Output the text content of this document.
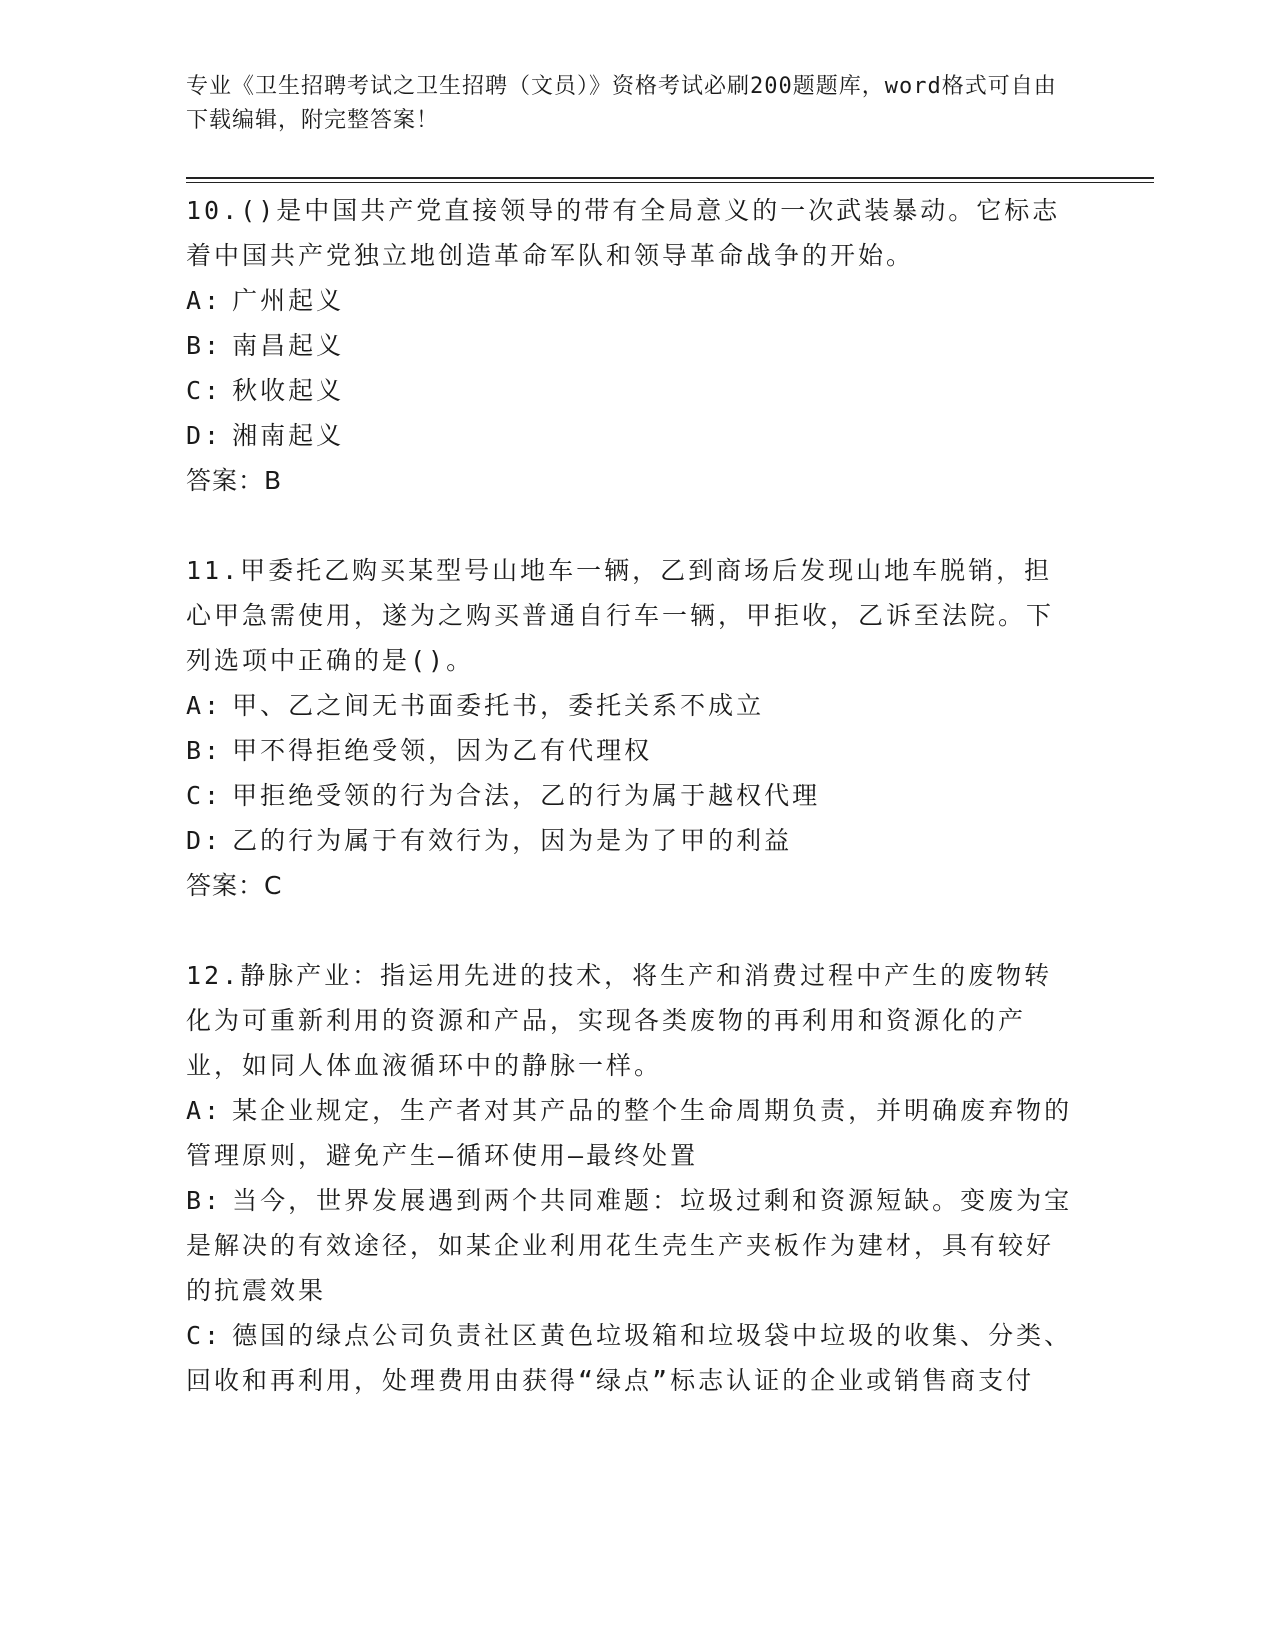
专业《卫生招聘考试之卫生招聘（文员）》资格考试必刷200题题库，word格式可自由下载编辑，附完整答案！

10.()是中国共产党直接领导的带有全局意义的一次武装暴动。它标志着中国共产党独立地创造革命军队和领导革命战争的开始。

A: 广州起义

B: 南昌起义

C: 秋收起义

D: 湘南起义

答案：B

11.甲委托乙购买某型号山地车一辆，乙到商场后发现山地车脱销，担心甲急需使用，遂为之购买普通自行车一辆，甲拒收，乙诉至法院。下列选项中正确的是()。

A: 甲、乙之间无书面委托书，委托关系不成立

B: 甲不得拒绝受领，因为乙有代理权

C: 甲拒绝受领的行为合法，乙的行为属于越权代理

D: 乙的行为属于有效行为，因为是为了甲的利益

答案：C

12.静脉产业：指运用先进的技术，将生产和消费过程中产生的废物转化为可重新利用的资源和产品，实现各类废物的再利用和资源化的产业，如同人体血液循环中的静脉一样。

A: 某企业规定，生产者对其产品的整个生命周期负责，并明确废弃物的管理原则，避免产生—循环使用—最终处置

B: 当今，世界发展遇到两个共同难题：垃圾过剩和资源短缺。变废为宝是解决的有效途径，如某企业利用花生壳生产夹板作为建材，具有较好的抗震效果

C: 德国的绿点公司负责社区黄色垃圾箱和垃圾袋中垃圾的收集、分类、回收和再利用，处理费用由获得“绿点”标志认证的企业或销售商支付
